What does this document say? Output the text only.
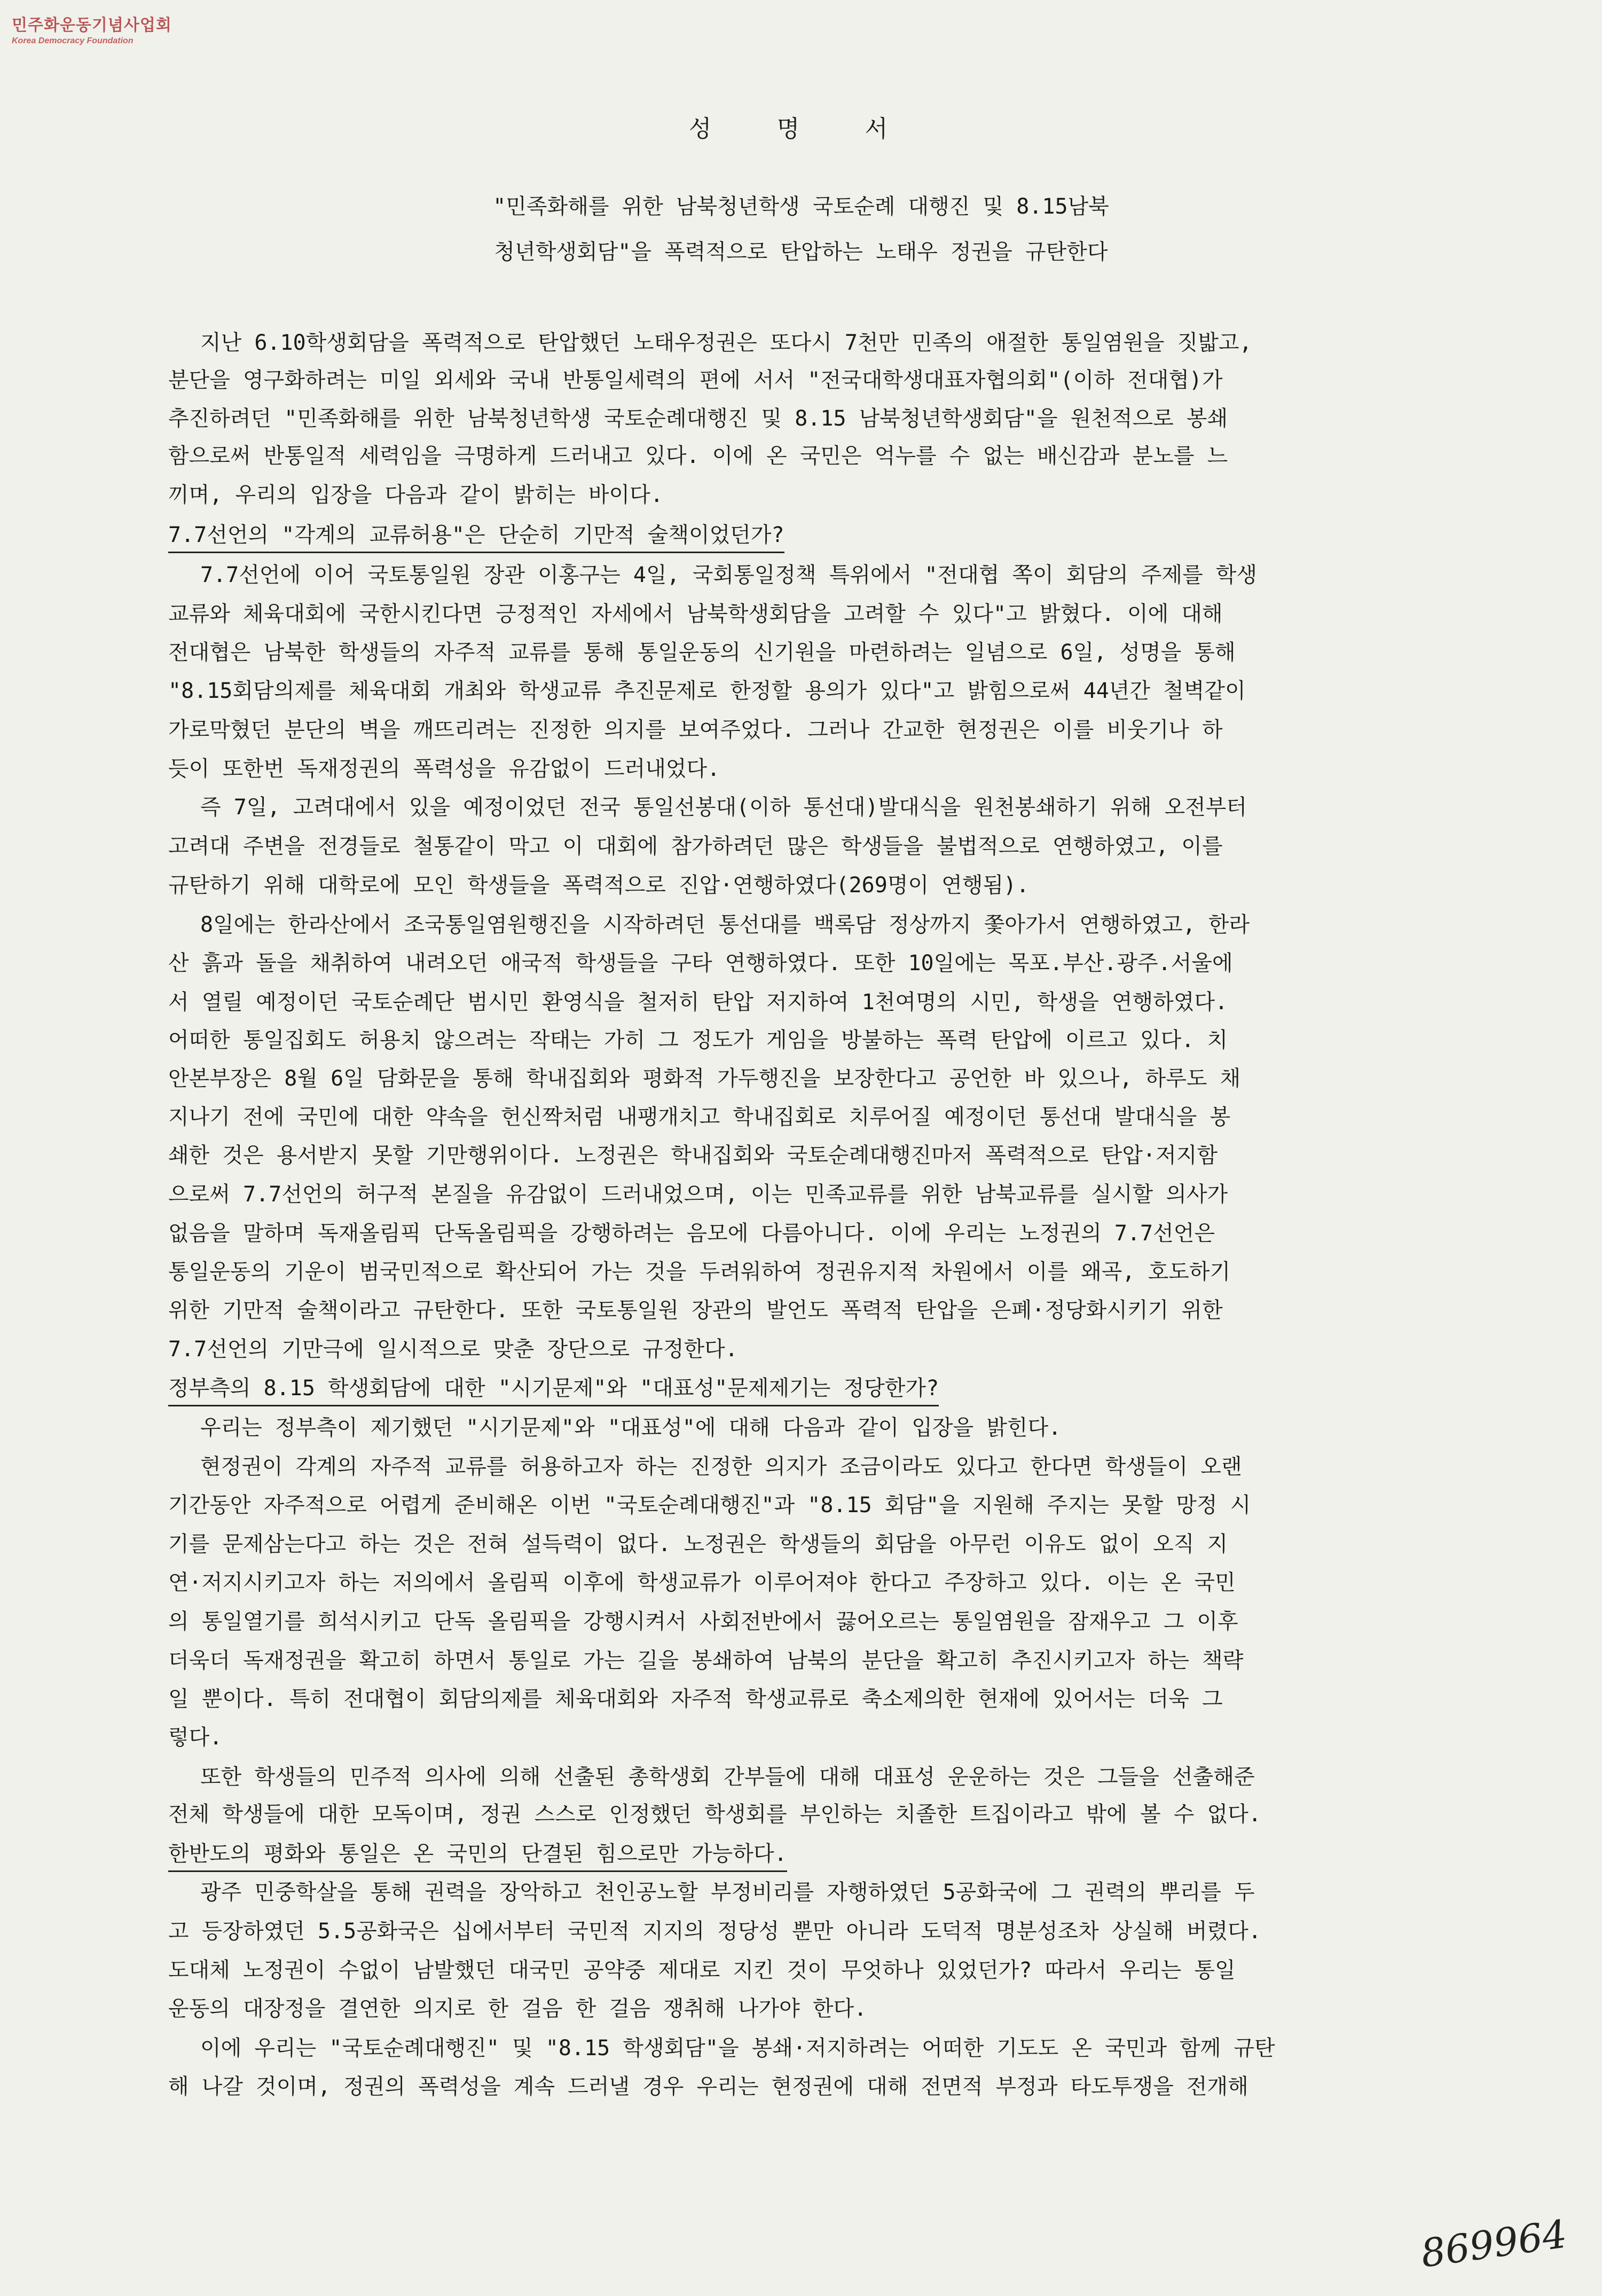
민주화운동기념사업회
Korea Democracy Foundation
성 명 서
"민족화해를 위한 남북청년학생 국토순례 대행진 및 8.15남북
청년학생회담"을 폭력적으로 탄압하는 노태우 정권을 규탄한다
지난 6.10학생회담을 폭력적으로 탄압했던 노태우정권은 또다시 7천만 민족의 애절한 통일염원을 짓밟고,
분단을 영구화하려는 미일 외세와 국내 반통일세력의 편에 서서 "전국대학생대표자협의회"(이하 전대협)가
추진하려던 "민족화해를 위한 남북청년학생 국토순례대행진 및 8.15 남북청년학생회담"을 원천적으로 봉쇄
함으로써 반통일적 세력임을 극명하게 드러내고 있다. 이에 온 국민은 억누를 수 없는 배신감과 분노를 느
끼며, 우리의 입장을 다음과 같이 밝히는 바이다.
7.7선언의 "각계의 교류허용"은 단순히 기만적 술책이었던가?
7.7선언에 이어 국토통일원 장관 이홍구는 4일, 국회통일정책 특위에서 "전대협 쪽이 회담의 주제를 학생
교류와 체육대회에 국한시킨다면 긍정적인 자세에서 남북학생회담을 고려할 수 있다"고 밝혔다. 이에 대해
전대협은 남북한 학생들의 자주적 교류를 통해 통일운동의 신기원을 마련하려는 일념으로 6일, 성명을 통해
"8.15회담의제를 체육대회 개최와 학생교류 추진문제로 한정할 용의가 있다"고 밝힘으로써 44년간 철벽같이
가로막혔던 분단의 벽을 깨뜨리려는 진정한 의지를 보여주었다. 그러나 간교한 현정권은 이를 비웃기나 하
듯이 또한번 독재정권의 폭력성을 유감없이 드러내었다.
즉 7일, 고려대에서 있을 예정이었던 전국 통일선봉대(이하 통선대)발대식을 원천봉쇄하기 위해 오전부터
고려대 주변을 전경들로 철통같이 막고 이 대회에 참가하려던 많은 학생들을 불법적으로 연행하였고, 이를
규탄하기 위해 대학로에 모인 학생들을 폭력적으로 진압·연행하였다(269명이 연행됨).
8일에는 한라산에서 조국통일염원행진을 시작하려던 통선대를 백록담 정상까지 쫓아가서 연행하였고, 한라
산 흙과 돌을 채취하여 내려오던 애국적 학생들을 구타 연행하였다. 또한 10일에는 목포.부산.광주.서울에
서 열릴 예정이던 국토순례단 범시민 환영식을 철저히 탄압 저지하여 1천여명의 시민, 학생을 연행하였다.
어떠한 통일집회도 허용치 않으려는 작태는 가히 그 정도가 게임을 방불하는 폭력 탄압에 이르고 있다. 치
안본부장은 8월 6일 담화문을 통해 학내집회와 평화적 가두행진을 보장한다고 공언한 바 있으나, 하루도 채
지나기 전에 국민에 대한 약속을 헌신짝처럼 내팽개치고 학내집회로 치루어질 예정이던 통선대 발대식을 봉
쇄한 것은 용서받지 못할 기만행위이다. 노정권은 학내집회와 국토순례대행진마저 폭력적으로 탄압·저지함
으로써 7.7선언의 허구적 본질을 유감없이 드러내었으며, 이는 민족교류를 위한 남북교류를 실시할 의사가
없음을 말하며 독재올림픽 단독올림픽을 강행하려는 음모에 다름아니다. 이에 우리는 노정권의 7.7선언은
통일운동의 기운이 범국민적으로 확산되어 가는 것을 두려워하여 정권유지적 차원에서 이를 왜곡, 호도하기
위한 기만적 술책이라고 규탄한다. 또한 국토통일원 장관의 발언도 폭력적 탄압을 은폐·정당화시키기 위한
7.7선언의 기만극에 일시적으로 맞춘 장단으로 규정한다.
정부측의 8.15 학생회담에 대한 "시기문제"와 "대표성"문제제기는 정당한가?
우리는 정부측이 제기했던 "시기문제"와 "대표성"에 대해 다음과 같이 입장을 밝힌다.
현정권이 각계의 자주적 교류를 허용하고자 하는 진정한 의지가 조금이라도 있다고 한다면 학생들이 오랜
기간동안 자주적으로 어렵게 준비해온 이번 "국토순례대행진"과 "8.15 회담"을 지원해 주지는 못할 망정 시
기를 문제삼는다고 하는 것은 전혀 설득력이 없다. 노정권은 학생들의 회담을 아무런 이유도 없이 오직 지
연·저지시키고자 하는 저의에서 올림픽 이후에 학생교류가 이루어져야 한다고 주장하고 있다. 이는 온 국민
의 통일열기를 희석시키고 단독 올림픽을 강행시켜서 사회전반에서 끓어오르는 통일염원을 잠재우고 그 이후
더욱더 독재정권을 확고히 하면서 통일로 가는 길을 봉쇄하여 남북의 분단을 확고히 추진시키고자 하는 책략
일 뿐이다. 특히 전대협이 회담의제를 체육대회와 자주적 학생교류로 축소제의한 현재에 있어서는 더욱 그
렇다.
또한 학생들의 민주적 의사에 의해 선출된 총학생회 간부들에 대해 대표성 운운하는 것은 그들을 선출해준
전체 학생들에 대한 모독이며, 정권 스스로 인정했던 학생회를 부인하는 치졸한 트집이라고 밖에 볼 수 없다.
한반도의 평화와 통일은 온 국민의 단결된 힘으로만 가능하다.
광주 민중학살을 통해 권력을 장악하고 천인공노할 부정비리를 자행하였던 5공화국에 그 권력의 뿌리를 두
고 등장하였던 5.5공화국은 십에서부터 국민적 지지의 정당성 뿐만 아니라 도덕적 명분성조차 상실해 버렸다.
도대체 노정권이 수없이 남발했던 대국민 공약중 제대로 지킨 것이 무엇하나 있었던가? 따라서 우리는 통일
운동의 대장정을 결연한 의지로 한 걸음 한 걸음 쟁취해 나가야 한다.
이에 우리는 "국토순례대행진" 및 "8.15 학생회담"을 봉쇄·저지하려는 어떠한 기도도 온 국민과 함께 규탄
해 나갈 것이며, 정권의 폭력성을 계속 드러낼 경우 우리는 현정권에 대해 전면적 부정과 타도투쟁을 전개해
869964
